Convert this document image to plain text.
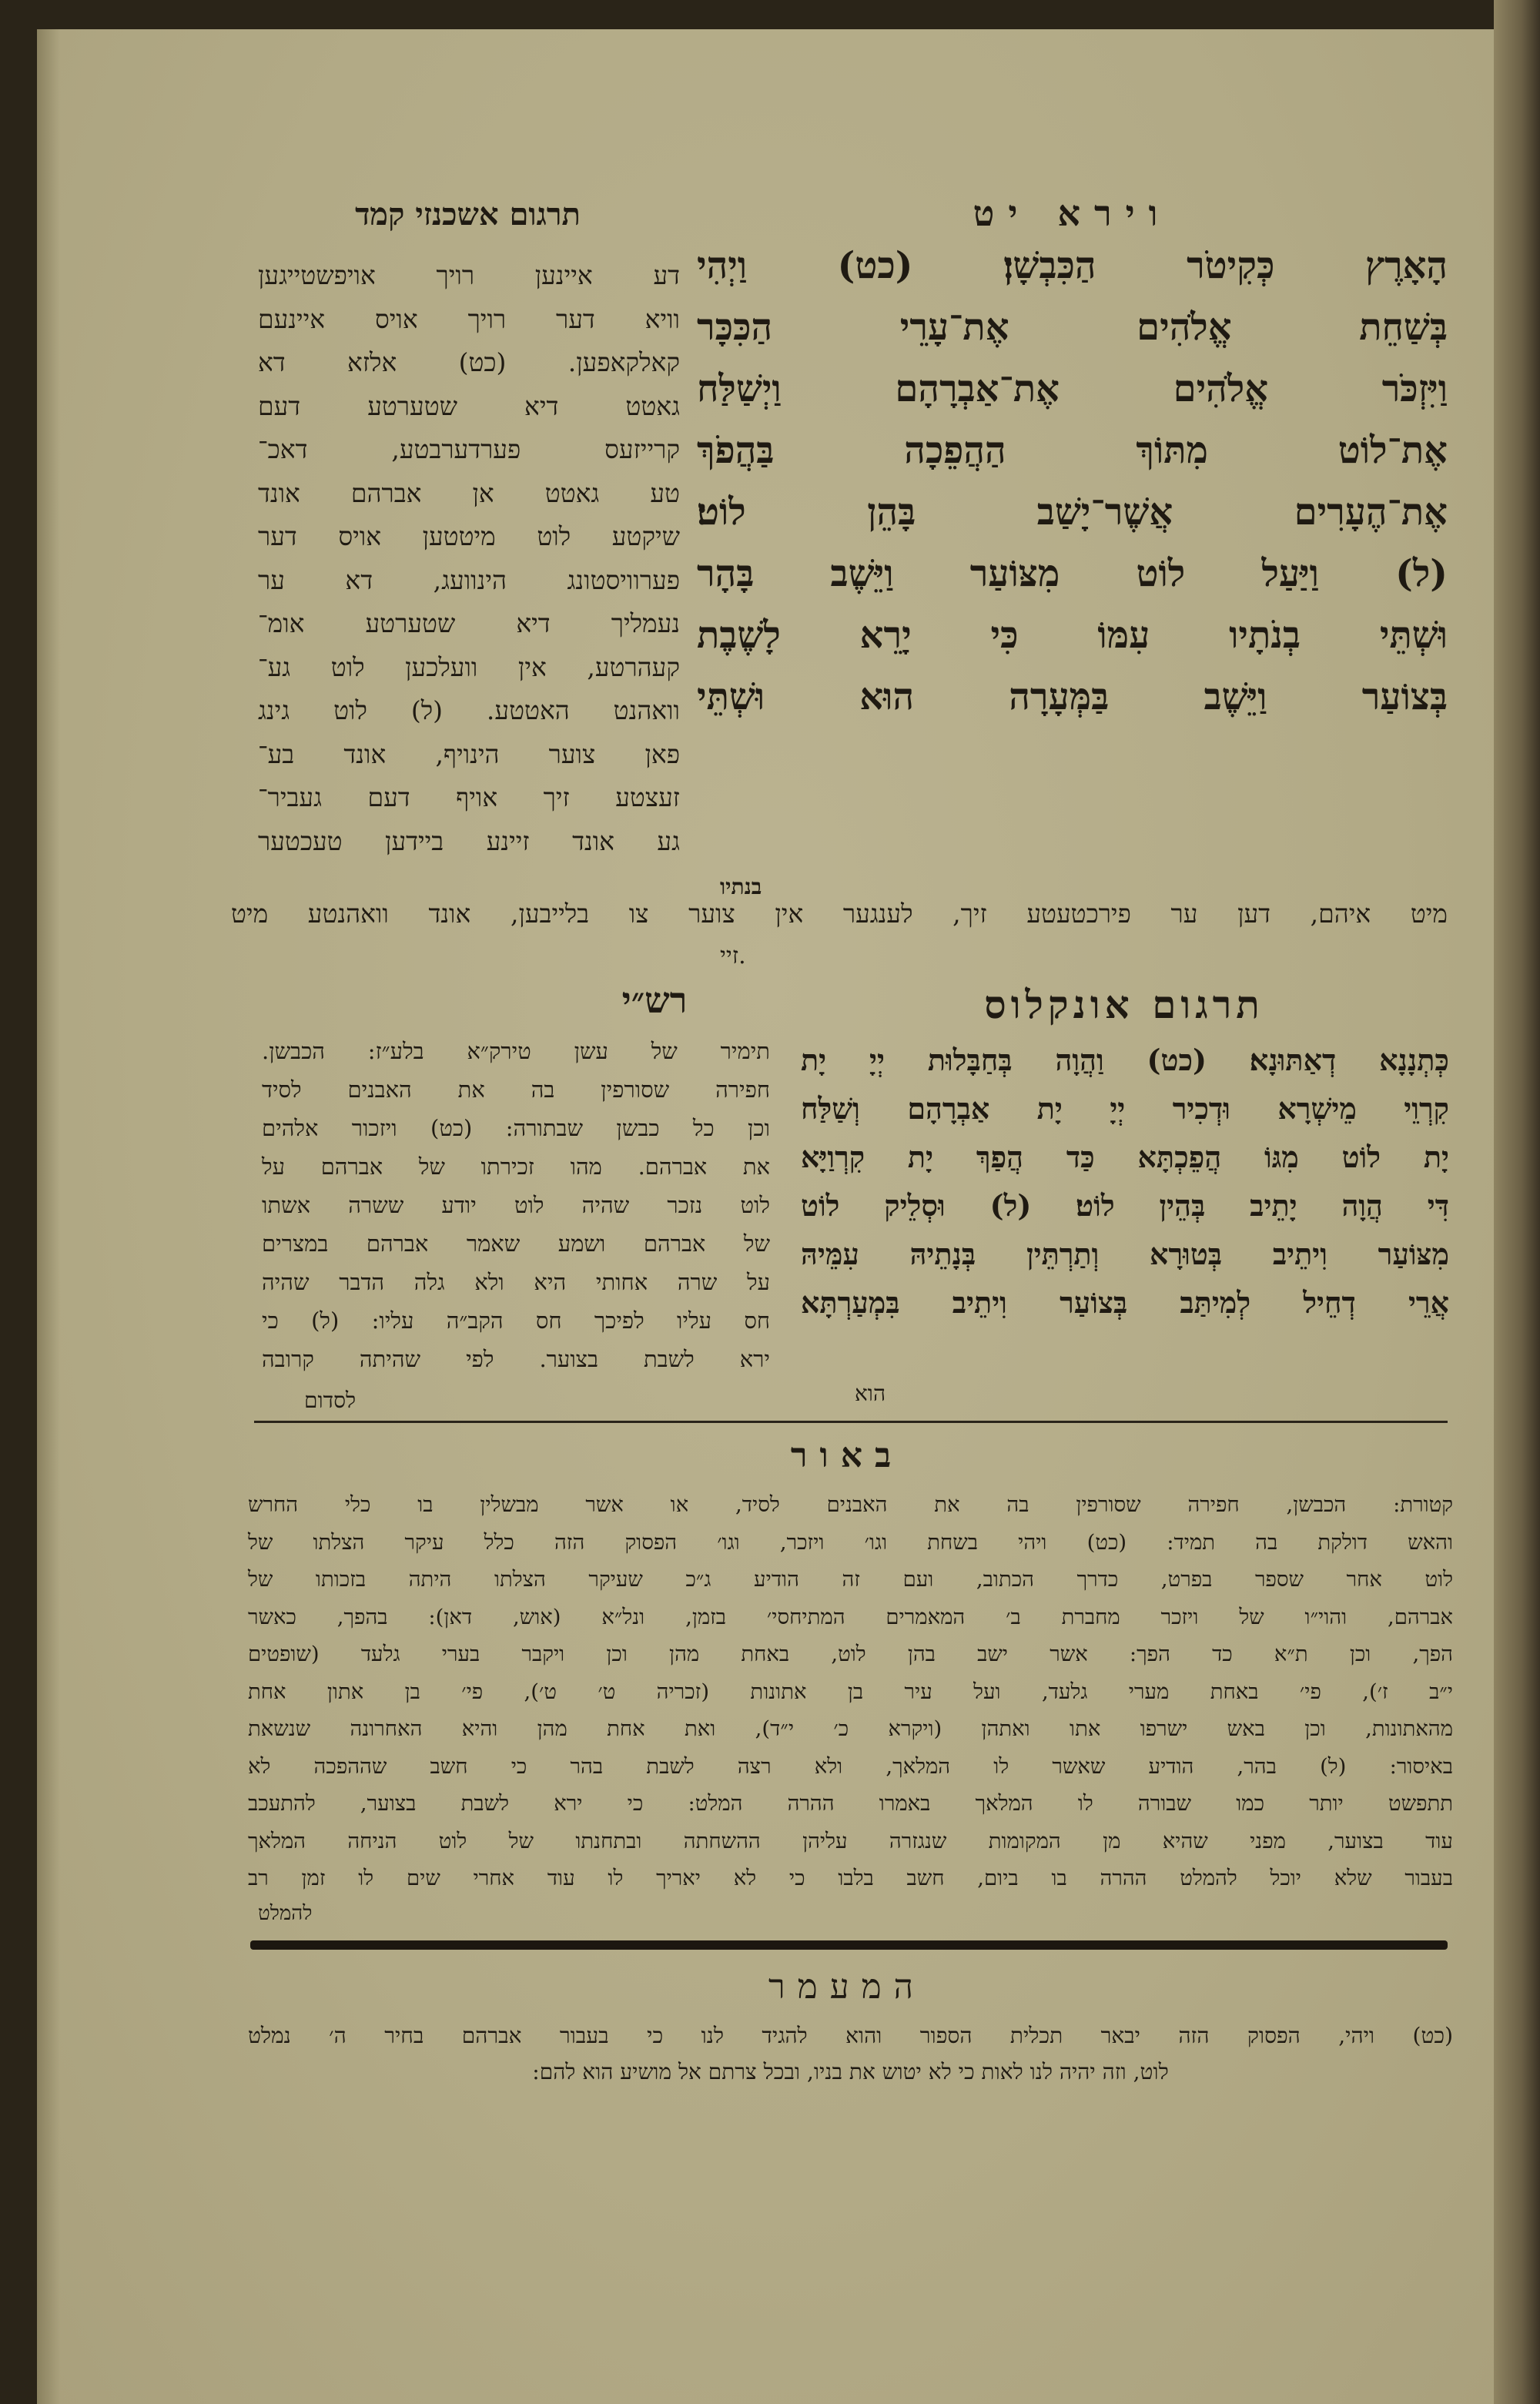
וירא יט
הָאָרֶץ כְּקִיטֹר הַכִּבְשָׁן׃ (כט) וַיְהִי
בְּשַׁחֵת אֱלֹהִים אֶת־עָרֵי הַכִּכָּר
וַיִּזְכֹּר אֱלֹהִים אֶת־אַבְרָהָם וַיְשַׁלַּח
אֶת־לוֹט מִתּוֹךְ הַהֲפֵכָה בַּהֲפֹךְ
אֶת־הֶעָרִים אֲשֶׁר־יָשַׁב בָּהֵן לוֹט׃
(ל) וַיַּעַל לוֹט מִצּוֹעַר וַיֵּשֶׁב בָּהָר
וּשְׁתֵּי בְנֹתָיו עִמּוֹ כִּי יָרֵא לָשֶׁבֶת
בְּצוֹעַר וַיֵּשֶׁב בַּמְּעָרָה הוּא וּשְׁתֵּי
בנתיו
תרגום אשכנזי קמד
דע איינען רויך אויפשטייגען
וויא דער רויך אויס איינעם
קאלקאפען. (כט) אלזא דא
גאטט דיא שטערטע דעם
קרייזעס פערדערבטע, דאכ־
טע גאטט אן אברהם אונד
שיקטע לוט מיטטען אויס דער
פערוויסטונג הינוועג, דא ער
נעמליך דיא שטערטע אומ־
קעהרטע, אין וועלכען לוט גע־
וואהנט האטטע. (ל) לוט גינג
פאן צוער הינויף, אונד בע־
זעצטע זיך אויף דעם געביר־
גע אונד זיינע ביידען טעכטער
מיט איהם, דען ער פירכטעטע זיך, לענגער אין צוער צו בלייבען, אונד וואהנטע מיט
זיי.
תרגום אונקלוס
כְּתְנָנָא דְאַתּוּנָא׃ (כט) וַהֲוָה בְּחַבָּלוּת יְיָ יָת
קִרְוֵי מֵישְׁרָא וּדְכִיר יְיָ יָת אַבְרָהָם וְשַׁלַּח
יָת לוֹט מִגּוֹ הֲפֵכְתָּא כַּד הֲפַךְ יָת קִרְוַיָּא
דִּי הֲוָה יָתֵיב בְּהֵין לוֹט׃ (ל) וּסְלֵיק לוֹט
מִצּוֹעַר וִיתֵיב בְּטוּרָא וְתַרְתֵּין בְּנָתֵיהּ עִמֵּיהּ
אֲרֵי דְחֵיל לְמִיתַּב בְּצוֹעַר וִיתֵיב בִּמְעַרְתָּא
הוא
רש״י
תימיר של עשן טירק״א בלע״ז: הכבשן.
חפירה שסורפין בה את האבנים לסיד
וכן כל כבשן שבתורה: (כט) ויזכור אלהים
את אברהם. מהו זכירתו של אברהם על
לוט נזכר שהיה לוט יודע ששרה אשתו
של אברהם ושמע שאמר אברהם במצרים
על שרה אחותי היא ולא גלה הדבר שהיה
חס עליו לפיכך חס הקב״ה עליו: (ל) כי
ירא לשבת בצוער. לפי שהיתה קרובה
לסדום
באור
קטורת: הכבשן, חפירה שסורפין בה את האבנים לסיד, או אשר מבשלין בו כלי החרש
והאש דולקת בה תמיד: (כט) ויהי בשחת וגו׳ ויזכר, וגו׳ הפסוק הזה כלל עיקר הצלתו של
לוט אחר שספר בפרט, כדרך הכתוב, ועם זה הודיע ג״כ שעיקר הצלתו היתה בזכותו של
אברהם, והוי״ו של ויזכר מחברת ב׳ המאמרים המתיחסי׳ בזמן, ונל״א (אוש, דאן): בהפך, כאשר
הפך, וכן ת״א כד הפך: אשר ישב בהן לוט, באחת מהן וכן ויקבר בערי גלעד (שופטים
י״ב ז׳), פי׳ באחת מערי גלעד, ועל עיר בן אתונות (זכריה ט׳ ט׳), פי׳ בן אתון אחת
מהאתונות, וכן באש ישרפו אתו ואתהן (ויקרא כ׳ י״ד), ואת אחת מהן והיא האחרונה שנשאת
באיסור: (ל) בהר, הודיע שאשר לו המלאך, ולא רצה לשבת בהר כי חשב שההפכה לא
תתפשט יותר כמו שבורה לו המלאך באמרו ההרה המלט: כי ירא לשבת בצוער, להתעכב
עוד בצוער, מפני שהיא מן המקומות שנגזרה עליהן ההשחתה ובתחנתו של לוט הניחה המלאך
בעבור שלא יוכל להמלט ההרה בו ביום, חשב בלבו כי לא יאריך לו עוד אחרי שים לו זמן רב
להמלט
המעמר
(כט) ויהי, הפסוק הזה יבאר תכלית הספור והוא להגיד לנו כי בעבור אברהם בחיר ה׳ נמלט
לוט, וזה יהיה לנו לאות כי לא יטוש את בניו, ובכל צרתם אל מושיע הוא להם:
